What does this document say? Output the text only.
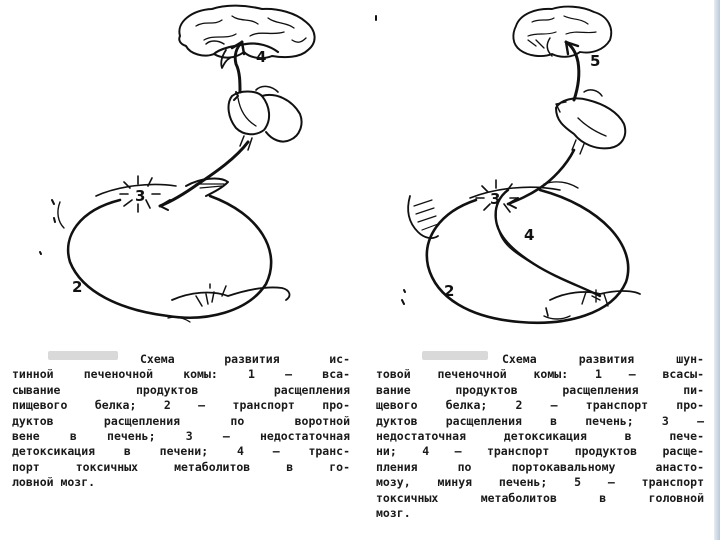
4
3
2
5
3
4
2
Схема развития ис-
тинной печеночной комы: 1 — вса-
сывание продуктов расщепления
пищевого белка; 2 — транспорт про-
дуктов расщепления по воротной
вене в печень; 3 — недостаточная
детоксикация в печени; 4 — транс-
порт токсичных метаболитов в го-
ловной мозг.
Схема развития шун-
товой печеночной комы: 1 — всасы-
вание продуктов расщепления пи-
щевого белка; 2 — транспорт про-
дуктов расщепления в печень; 3 —
недостаточная детоксикация в пече-
ни; 4 — транспорт продуктов расще-
пления по портокавальному анасто-
мозу, минуя печень; 5 — транспорт
токсичных метаболитов в головной
мозг.
